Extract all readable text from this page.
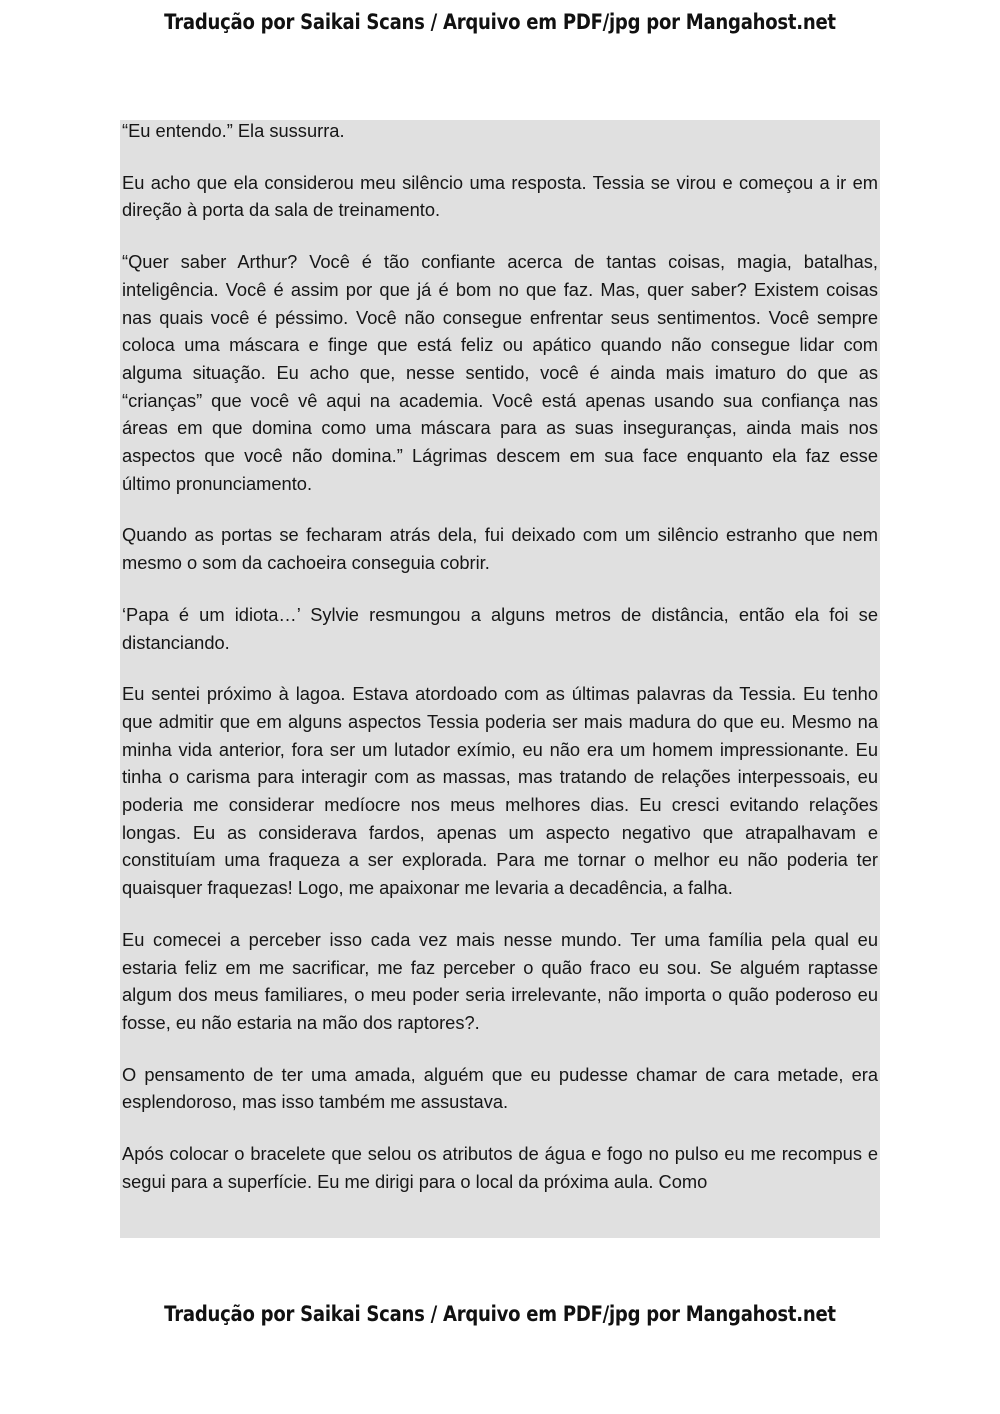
Tradução por Saikai Scans / Arquivo em PDF/jpg por Mangahost.net

“Eu entendo.” Ela sussurra.

Eu acho que ela considerou meu silêncio uma resposta. Tessia se virou e começou a ir em direção à porta da sala de treinamento.

“Quer saber Arthur? Você é tão confiante acerca de tantas coisas, magia, batalhas, inteligência. Você é assim por que já é bom no que faz. Mas, quer saber? Existem coisas nas quais você é péssimo. Você não consegue enfrentar seus sentimentos. Você sempre coloca uma máscara e finge que está feliz ou apático quando não consegue lidar com alguma situação. Eu acho que, nesse sentido, você é ainda mais imaturo do que as “crianças” que você vê aqui na academia. Você está apenas usando sua confiança nas áreas em que domina como uma máscara para as suas inseguranças, ainda mais nos aspectos que você não domina.” Lágrimas descem em sua face enquanto ela faz esse último pronunciamento.

Quando as portas se fecharam atrás dela, fui deixado com um silêncio estranho que nem mesmo o som da cachoeira conseguia cobrir.

‘Papa é um idiota…’ Sylvie resmungou a alguns metros de distância, então ela foi se distanciando.

Eu sentei próximo à lagoa. Estava atordoado com as últimas palavras da Tessia. Eu tenho que admitir que em alguns aspectos Tessia poderia ser mais madura do que eu. Mesmo na minha vida anterior, fora ser um lutador exímio, eu não era um homem impressionante. Eu tinha o carisma para interagir com as massas, mas tratando de relações interpessoais, eu poderia me considerar medíocre nos meus melhores dias. Eu cresci evitando relações longas. Eu as considerava fardos, apenas um aspecto negativo que atrapalhavam e constituíam uma fraqueza a ser explorada. Para me tornar o melhor eu não poderia ter quaisquer fraquezas! Logo, me apaixonar me levaria a decadência, a falha.

Eu comecei a perceber isso cada vez mais nesse mundo. Ter uma família pela qual eu estaria feliz em me sacrificar, me faz perceber o quão fraco eu sou. Se alguém raptasse algum dos meus familiares, o meu poder seria irrelevante, não importa o quão poderoso eu fosse, eu não estaria na mão dos raptores?.

O pensamento de ter uma amada, alguém que eu pudesse chamar de cara metade, era esplendoroso, mas isso também me assustava.

Após colocar o bracelete que selou os atributos de água e fogo no pulso eu me recompus e segui para a superfície. Eu me dirigi para o local da próxima aula. Como

Tradução por Saikai Scans / Arquivo em PDF/jpg por Mangahost.net
